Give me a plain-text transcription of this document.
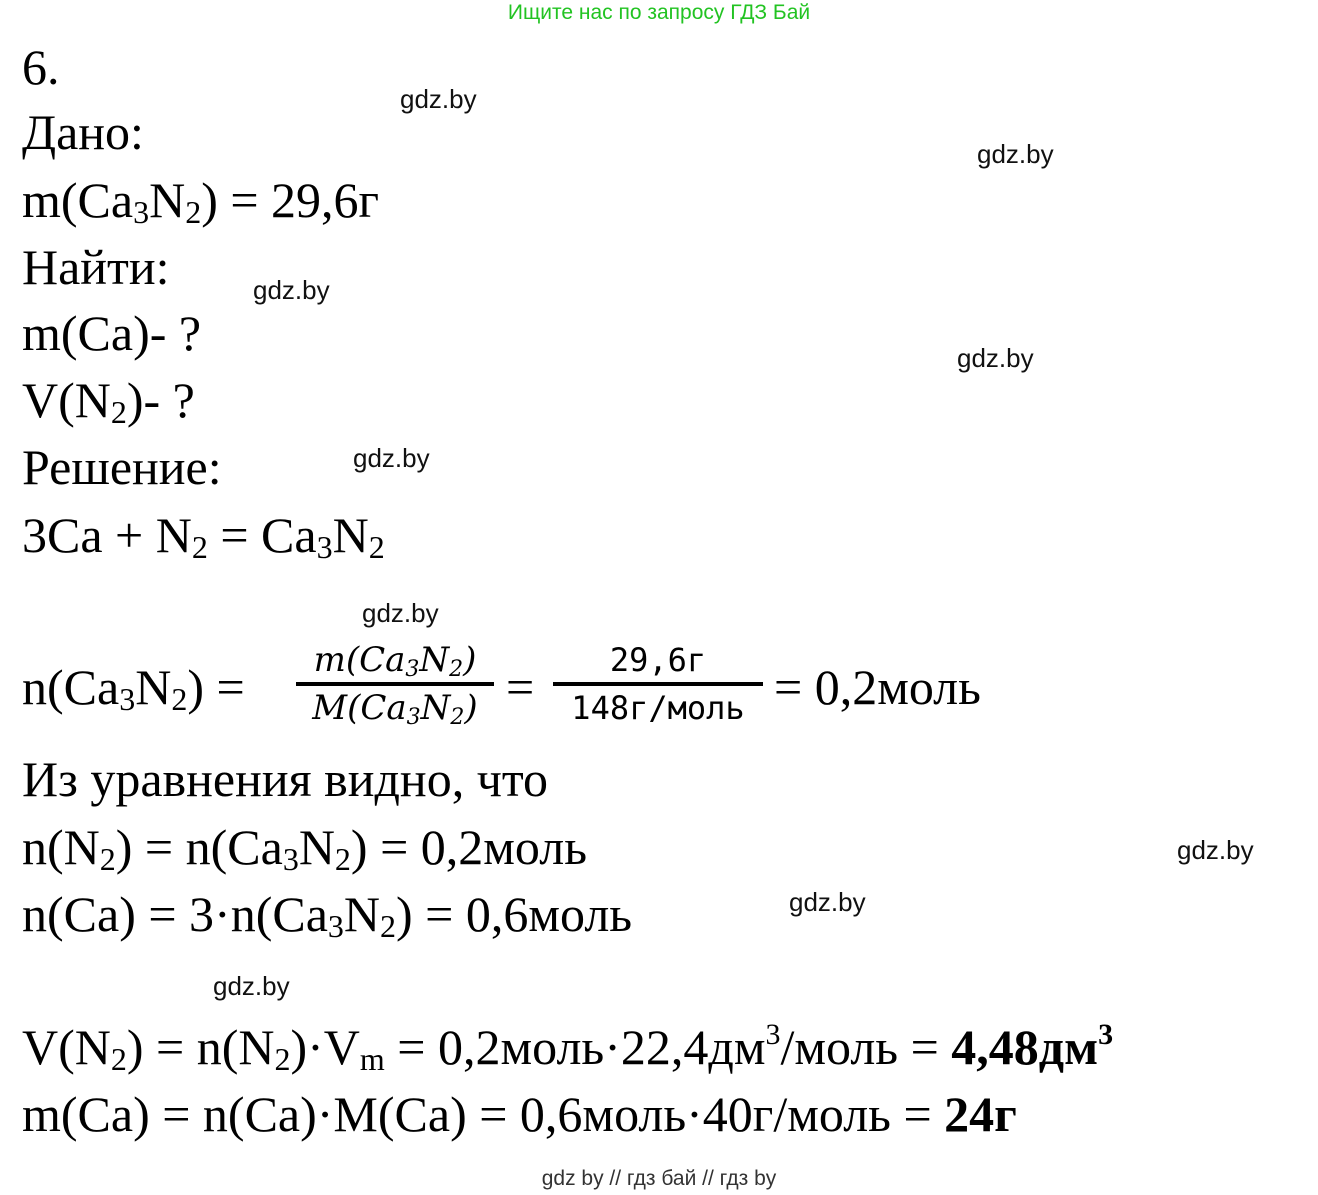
Ищите нас по запросу ГДЗ Бай
gdz.by
gdz.by
gdz.by
gdz.by
gdz.by
gdz.by
gdz.by
gdz.by
gdz.by
6.
Дано:
$m(Ca_3N_2) = 29,6г$
Найти:
m(Ca)- ?
$V(N_2)-$ ?
Решение:
$3Ca + N_2 = Ca_3N_2$
$n(Ca_3N_2)$ =	$m(Ca_3N_2)$
$M(Ca_3N_2)$ =	29,6г
148г/моль = 0,2моль
Из уравнения видно, что
$n(N_2) = n(Ca_3N_2)$ = 0,2моль
$n(Ca) = 3\cdot n(Ca_3N_2)$ = 0,6моль
$V(N_2) = n(N_2)\cdot V_m$ = $0,2моль\cdot 22,4дм^3$/моль = $4,48дм^3$
m(Ca) = n(Ca)·M(Ca) = 0,6моль·40г/моль = 24г
gdz by // гдз бай // гдз by
